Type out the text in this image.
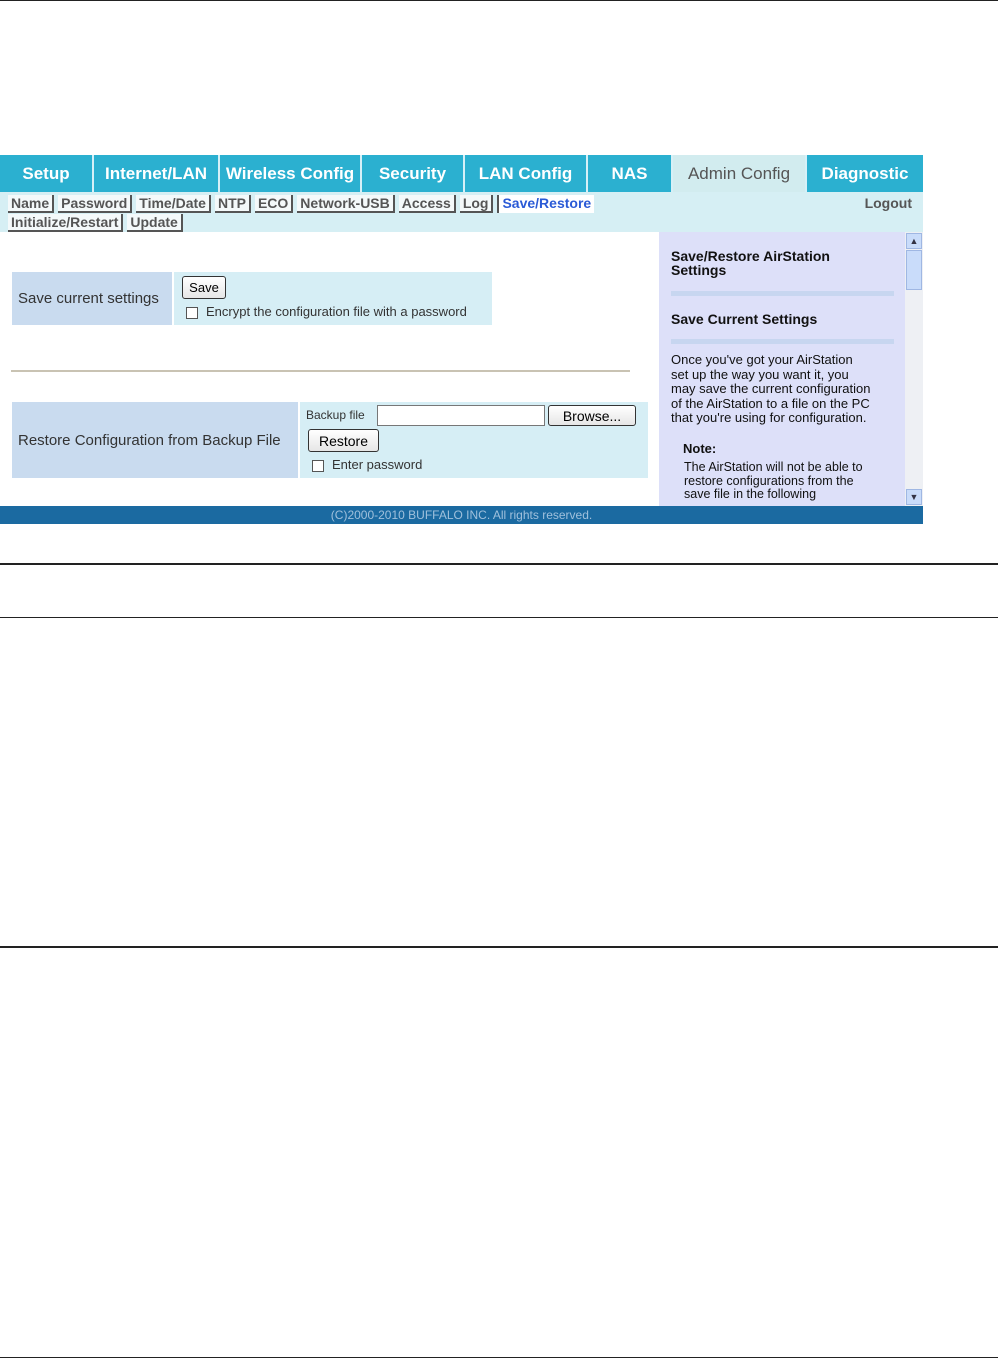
Setup	Internet/LAN	Wireless Config	Security	LAN Config	NAS	Admin Config	Diagnostic
Name Password Time/Date NTP ECO Network-USB Access Log	Save/Restore
Initialize/Restart Update
Logout
Save current settings
Save
Encrypt the configuration file with a password
Restore Configuration from Backup File
Backup file	Browse...
Restore
Enter password
Save/Restore AirStation
Settings
Save Current Settings
Once you've got your AirStation
set up the way you want it, you
may save the current configuration
of the AirStation to a file on the PC
that you're using for configuration.
Note:
The AirStation will not be able to
restore configurations from the
save file in the following
▲
▼
(C)2000-2010 BUFFALO INC. All rights reserved.
